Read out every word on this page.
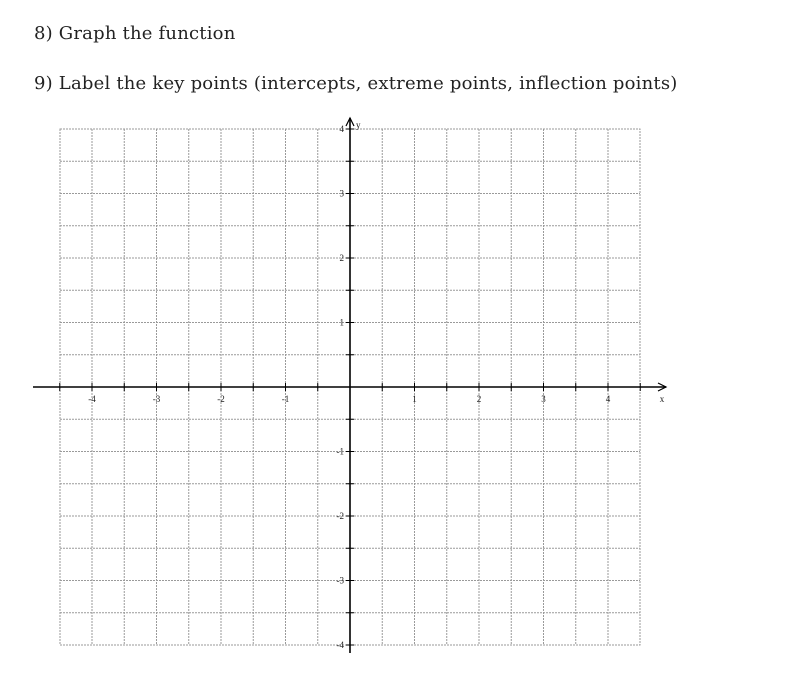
8) Graph the function
9) Label the key points (intercepts, extreme points, inflection points)
-4	-3	-2	-1	1	2	3	4
4
3
2
1
-1
-2
-3
-4
x
y
